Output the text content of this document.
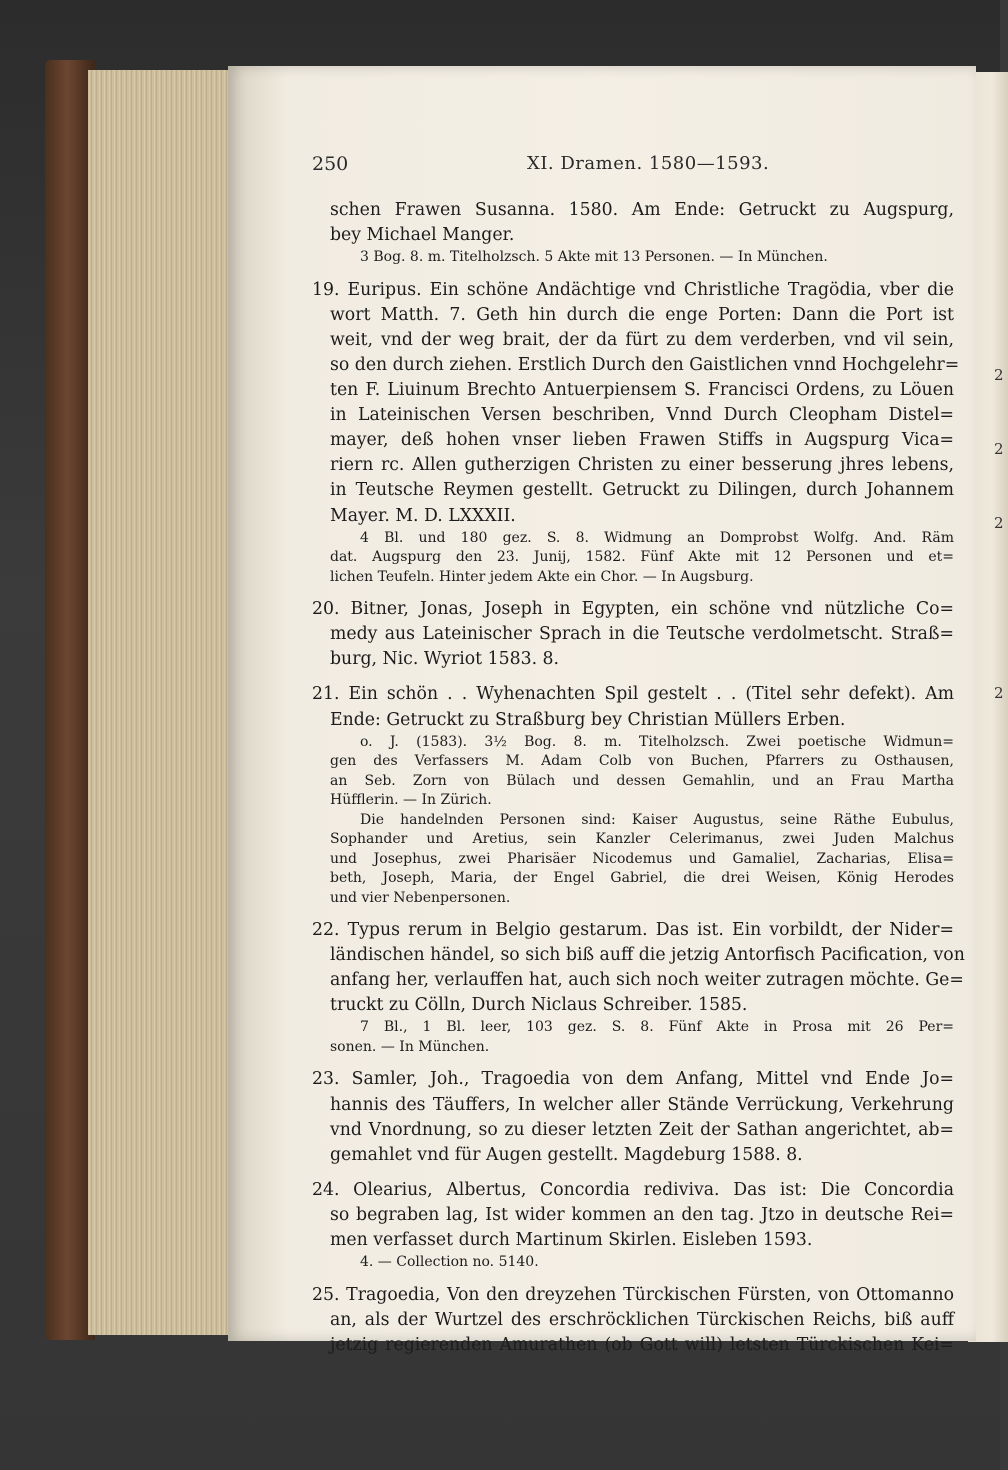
2
2
2
2
250	XI. Dramen. 1580—1593.
schen Frawen Susanna. 1580. Am Ende: Getruckt zu Augspurg,
bey Michael Manger.
3 Bog. 8. m. Titelholzsch. 5 Akte mit 13 Personen. — In München.
19. Euripus. Ein schöne Andächtige vnd Christliche Tragödia, vber die
wort Matth. 7. Geth hin durch die enge Porten: Dann die Port ist
weit, vnd der weg brait, der da fürt zu dem verderben, vnd vil sein,
so den durch ziehen. Erstlich Durch den Gaistlichen vnnd Hochgelehr=
ten F. Liuinum Brechto Antuerpiensem S. Francisci Ordens, zu Löuen
in Lateinischen Versen beschriben, Vnnd Durch Cleopham Distel=
mayer, deß hohen vnser lieben Frawen Stiffs in Augspurg Vica=
riern rc. Allen gutherzigen Christen zu einer besserung jhres lebens,
in Teutsche Reymen gestellt. Getruckt zu Dilingen, durch Johannem
Mayer. M. D. LXXXII.
4 Bl. und 180 gez. S. 8. Widmung an Domprobst Wolfg. And. Räm
dat. Augspurg den 23. Junij, 1582. Fünf Akte mit 12 Personen und et=
lichen Teufeln. Hinter jedem Akte ein Chor. — In Augsburg.
20. Bitner, Jonas, Joseph in Egypten, ein schöne vnd nützliche Co=
medy aus Lateinischer Sprach in die Teutsche verdolmetscht. Straß=
burg, Nic. Wyriot 1583. 8.
21. Ein schön . . Wyhenachten Spil gestelt . . (Titel sehr defekt). Am
Ende: Getruckt zu Straßburg bey Christian Müllers Erben.
o. J. (1583). 3½ Bog. 8. m. Titelholzsch. Zwei poetische Widmun=
gen des Verfassers M. Adam Colb von Buchen, Pfarrers zu Osthausen,
an Seb. Zorn von Bülach und dessen Gemahlin, und an Frau Martha
Hüfflerin. — In Zürich.
Die handelnden Personen sind: Kaiser Augustus, seine Räthe Eubulus,
Sophander und Aretius, sein Kanzler Celerimanus, zwei Juden Malchus
und Josephus, zwei Pharisäer Nicodemus und Gamaliel, Zacharias, Elisa=
beth, Joseph, Maria, der Engel Gabriel, die drei Weisen, König Herodes
und vier Nebenpersonen.
22. Typus rerum in Belgio gestarum. Das ist. Ein vorbildt, der Nider=
ländischen händel, so sich biß auff die jetzig Antorfisch Pacification, von
anfang her, verlauffen hat, auch sich noch weiter zutragen möchte. Ge=
truckt zu Cölln, Durch Niclaus Schreiber. 1585.
7 Bl., 1 Bl. leer, 103 gez. S. 8. Fünf Akte in Prosa mit 26 Per=
sonen. — In München.
23. Samler, Joh., Tragoedia von dem Anfang, Mittel vnd Ende Jo=
hannis des Täuffers, In welcher aller Stände Verrückung, Verkehrung
vnd Vnordnung, so zu dieser letzten Zeit der Sathan angerichtet, ab=
gemahlet vnd für Augen gestellt. Magdeburg 1588. 8.
24. Olearius, Albertus, Concordia rediviva. Das ist: Die Concordia
so begraben lag, Ist wider kommen an den tag. Jtzo in deutsche Rei=
men verfasset durch Martinum Skirlen. Eisleben 1593.
4. — Collection no. 5140.
25. Tragoedia, Von den dreyzehen Türckischen Fürsten, von Ottomanno
an, als der Wurtzel des erschröcklichen Türckischen Reichs, biß auff
jetzig regierenden Amurathen (ob Gott will) letsten Türckischen Kei=
